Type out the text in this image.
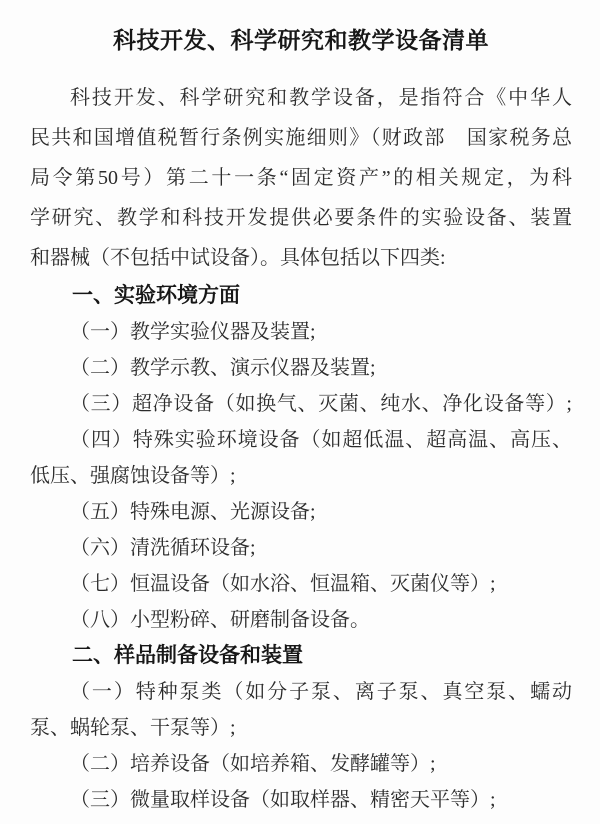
科技开发、科学研究和教学设备清单

科技开发、科学研究和教学设备，是指符合《中华人

民共和国增值税暂行条例实施细则》（财政部　国家税务总

局令第50号）第二十一条“固定资产”的相关规定，为科

学研究、教学和科技开发提供必要条件的实验设备、装置

和器械（不包括中试设备）。具体包括以下四类:

一、实验环境方面

（一）教学实验仪器及装置;

（二）教学示教、演示仪器及装置;

（三）超净设备（如换气、灭菌、纯水、净化设备等）;

（四）特殊实验环境设备（如超低温、超高温、高压、

低压、强腐蚀设备等）;

（五）特殊电源、光源设备;

（六）清洗循环设备;

（七）恒温设备（如水浴、恒温箱、灭菌仪等）;

（八）小型粉碎、研磨制备设备。

二、样品制备设备和装置

（一）特种泵类（如分子泵、离子泵、真空泵、蠕动

泵、蜗轮泵、干泵等）;

（二）培养设备（如培养箱、发酵罐等）;

（三）微量取样设备（如取样器、精密天平等）;
